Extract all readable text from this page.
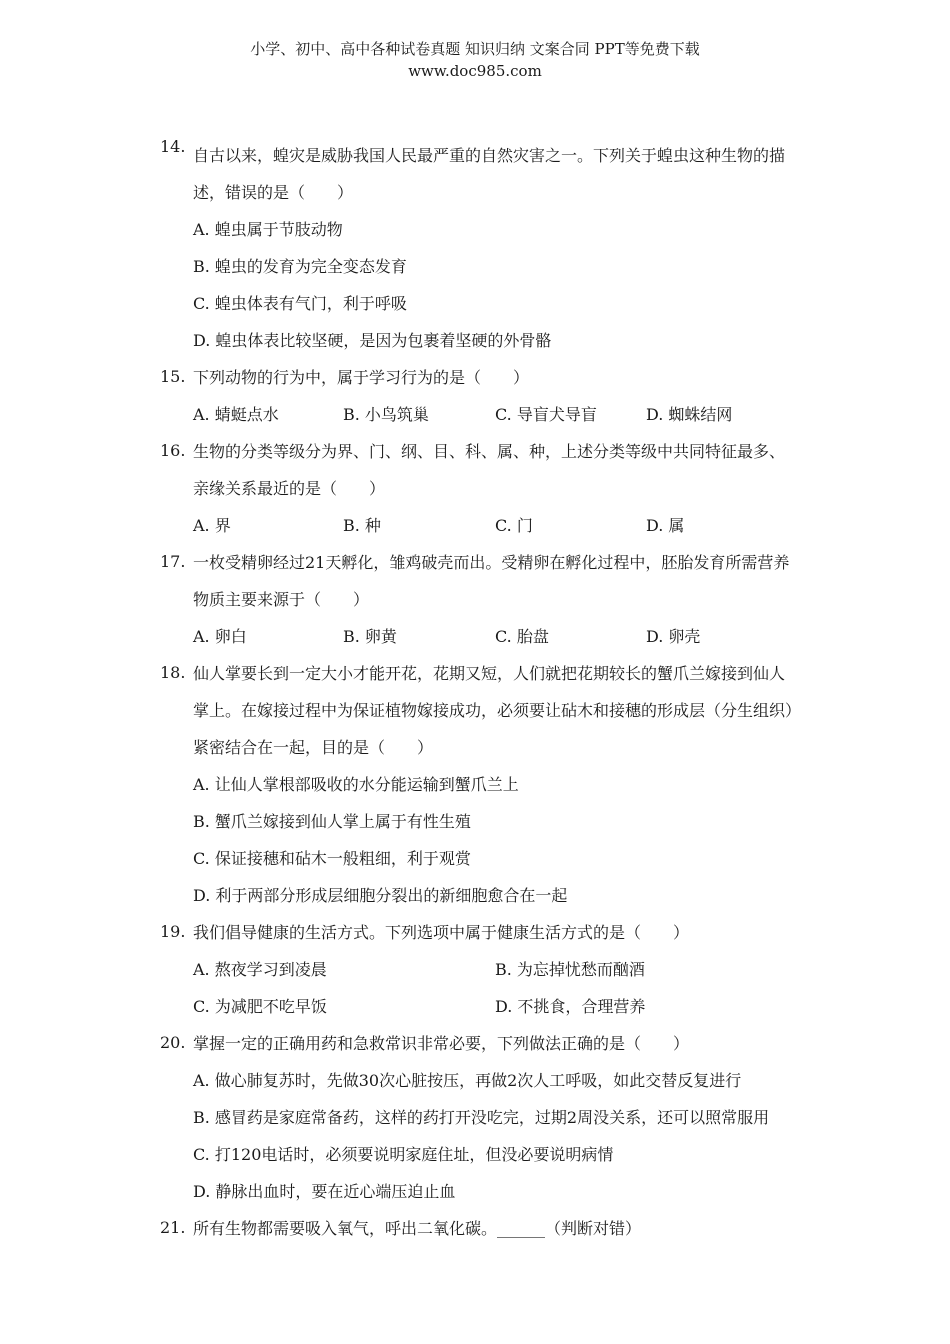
小学、初中、高中各种试卷真题 知识归纳 文案合同 PPT等免费下载
www.doc985.com
14. 自古以来，蝗灾是威胁我国人民最严重的自然灾害之一。下列关于蝗虫这种生物的描述，错误的是（　　）
A. 蝗虫属于节肢动物
B. 蝗虫的发育为完全变态发育
C. 蝗虫体表有气门，利于呼吸
D. 蝗虫体表比较坚硬，是因为包裹着坚硬的外骨骼
15. 下列动物的行为中，属于学习行为的是（　　）
A. 蜻蜓点水	B. 小鸟筑巢	C. 导盲犬导盲	D. 蜘蛛结网
16. 生物的分类等级分为界、门、纲、目、科、属、种，上述分类等级中共同特征最多、亲缘关系最近的是（　　）
A. 界	B. 种	C. 门	D. 属
17. 一枚受精卵经过21天孵化，雏鸡破壳而出。受精卵在孵化过程中，胚胎发育所需营养物质主要来源于（　　）
A. 卵白	B. 卵黄	C. 胎盘	D. 卵壳
18. 仙人掌要长到一定大小才能开花，花期又短，人们就把花期较长的蟹爪兰嫁接到仙人掌上。在嫁接过程中为保证植物嫁接成功，必须要让砧木和接穗的形成层（分生组织）紧密结合在一起，目的是（　　）
A. 让仙人掌根部吸收的水分能运输到蟹爪兰上
B. 蟹爪兰嫁接到仙人掌上属于有性生殖
C. 保证接穗和砧木一般粗细，利于观赏
D. 利于两部分形成层细胞分裂出的新细胞愈合在一起
19. 我们倡导健康的生活方式。下列选项中属于健康生活方式的是（　　）
A. 熬夜学习到凌晨	B. 为忘掉忧愁而酗酒
C. 为减肥不吃早饭	D. 不挑食，合理营养
20. 掌握一定的正确用药和急救常识非常必要，下列做法正确的是（　　）
A. 做心肺复苏时，先做30次心脏按压，再做2次人工呼吸，如此交替反复进行
B. 感冒药是家庭常备药，这样的药打开没吃完，过期2周没关系，还可以照常服用
C. 打120电话时，必须要说明家庭住址，但没必要说明病情
D. 静脉出血时，要在近心端压迫止血
21. 所有生物都需要吸入氧气，呼出二氧化碳。______（判断对错）
